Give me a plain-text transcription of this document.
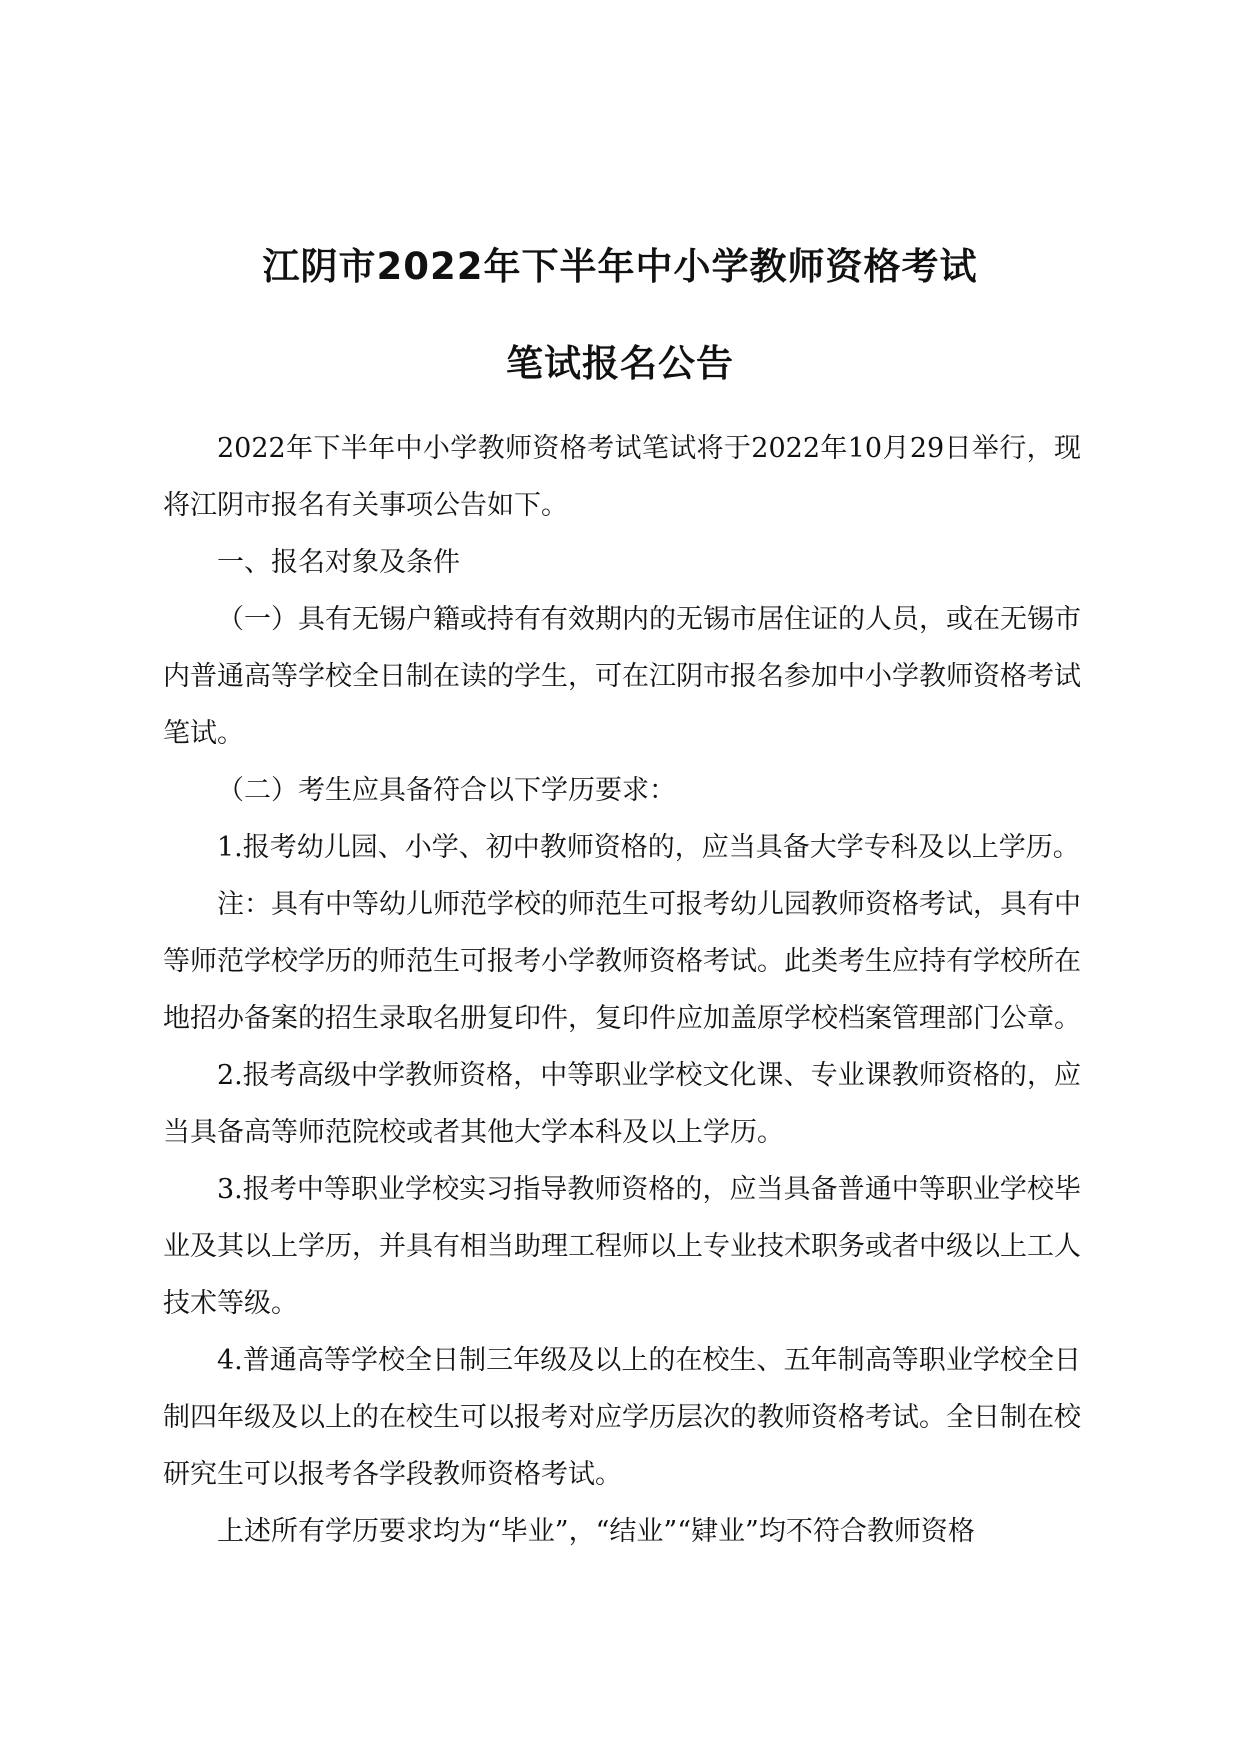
江阴市2022年下半年中小学教师资格考试
笔试报名公告

2022年下半年中小学教师资格考试笔试将于2022年10月29日举行，现将江阴市报名有关事项公告如下。

一、报名对象及条件

（一）具有无锡户籍或持有有效期内的无锡市居住证的人员，或在无锡市内普通高等学校全日制在读的学生，可在江阴市报名参加中小学教师资格考试笔试。

（二）考生应具备符合以下学历要求：

1.报考幼儿园、小学、初中教师资格的，应当具备大学专科及以上学历。

注：具有中等幼儿师范学校的师范生可报考幼儿园教师资格考试，具有中等师范学校学历的师范生可报考小学教师资格考试。此类考生应持有学校所在地招办备案的招生录取名册复印件，复印件应加盖原学校档案管理部门公章。

2.报考高级中学教师资格，中等职业学校文化课、专业课教师资格的，应当具备高等师范院校或者其他大学本科及以上学历。

3.报考中等职业学校实习指导教师资格的，应当具备普通中等职业学校毕业及其以上学历，并具有相当助理工程师以上专业技术职务或者中级以上工人技术等级。

4.普通高等学校全日制三年级及以上的在校生、五年制高等职业学校全日制四年级及以上的在校生可以报考对应学历层次的教师资格考试。全日制在校研究生可以报考各学段教师资格考试。

上述所有学历要求均为“毕业”，“结业”“肄业”均不符合教师资格
